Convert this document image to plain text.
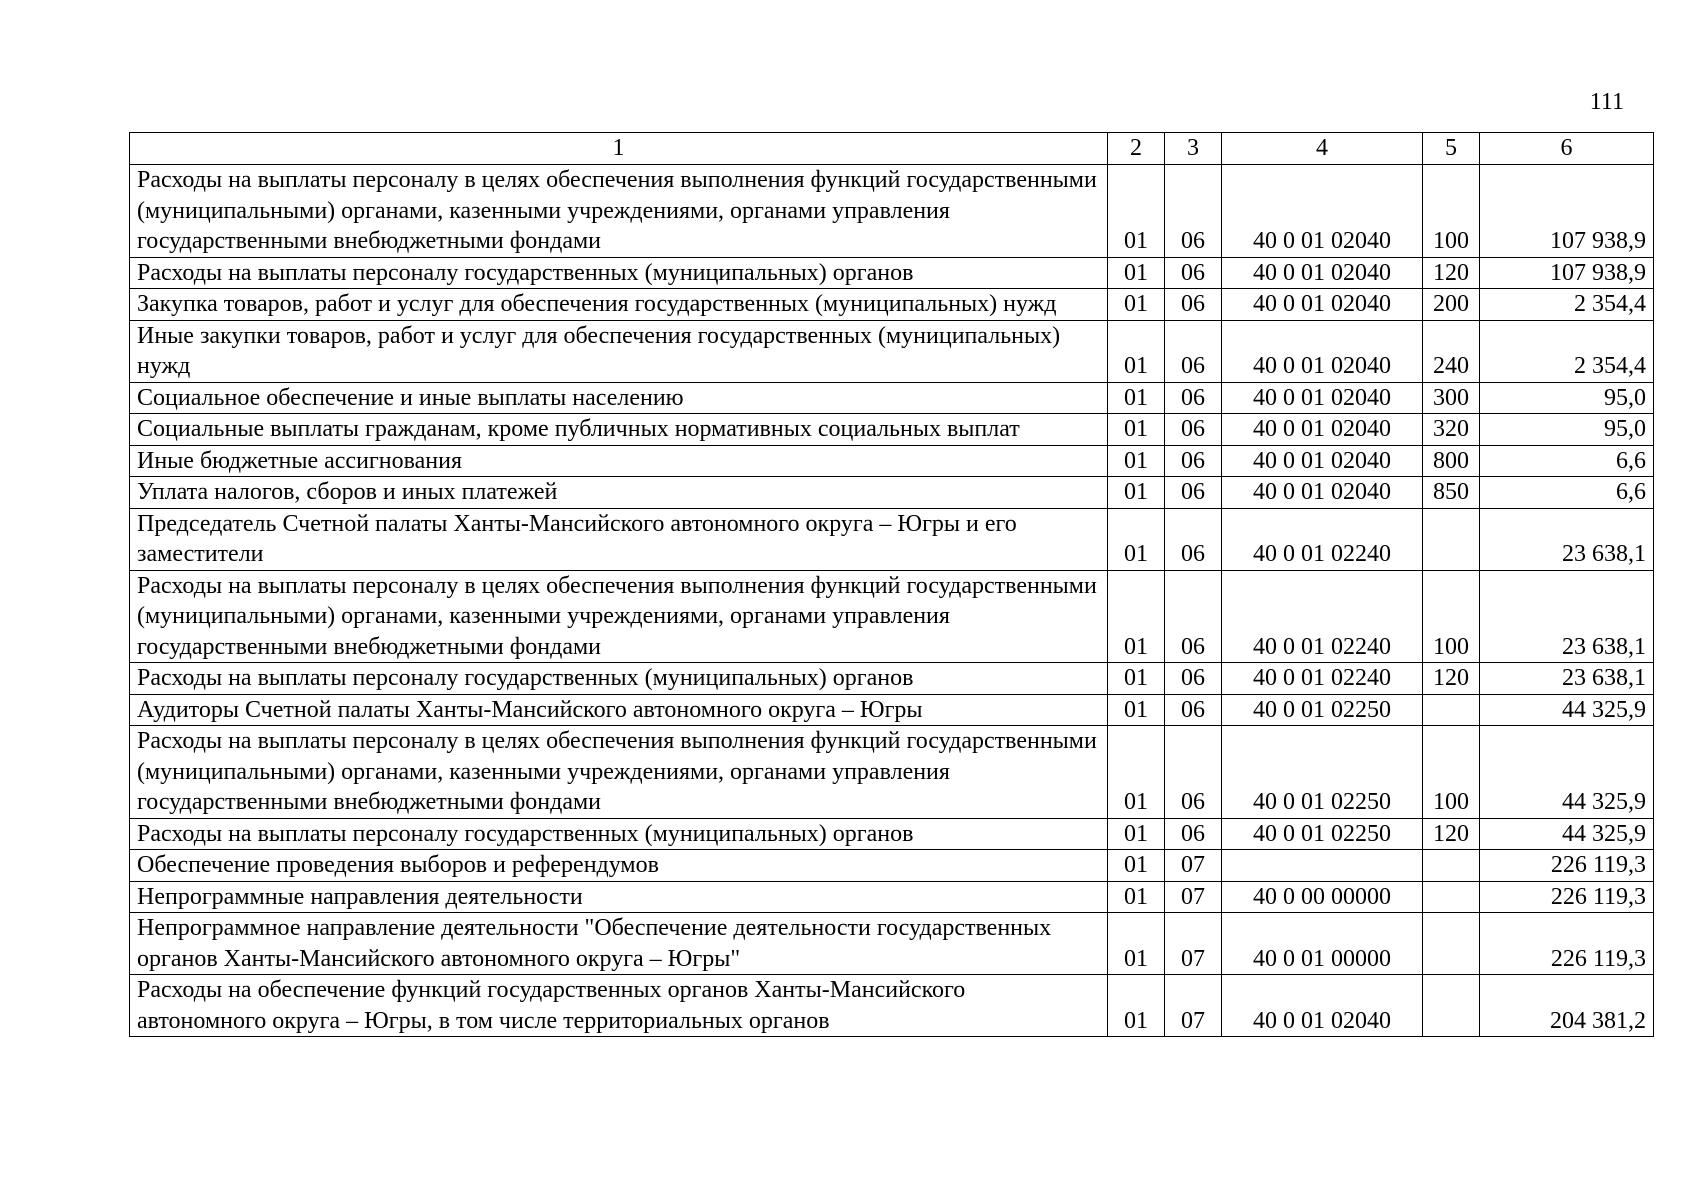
111
1	2	3	4	5	6
Расходы на выплаты персоналу в целях обеспечения выполнения функций государственными (муниципальными) органами, казенными учреждениями, органами управления государственными внебюджетными фондами	01	06	40 0 01 02040	100	107 938,9
Расходы на выплаты персоналу государственных (муниципальных) органов	01	06	40 0 01 02040	120	107 938,9
Закупка товаров, работ и услуг для обеспечения государственных (муниципальных) нужд	01	06	40 0 01 02040	200	2 354,4
Иные закупки товаров, работ и услуг для обеспечения государственных (муниципальных) нужд	01	06	40 0 01 02040	240	2 354,4
Социальное обеспечение и иные выплаты населению	01	06	40 0 01 02040	300	95,0
Социальные выплаты гражданам, кроме публичных нормативных социальных выплат	01	06	40 0 01 02040	320	95,0
Иные бюджетные ассигнования	01	06	40 0 01 02040	800	6,6
Уплата налогов, сборов и иных платежей	01	06	40 0 01 02040	850	6,6
Председатель Счетной палаты Ханты-Мансийского автономного округа – Югры и его заместители	01	06	40 0 01 02240		23 638,1
Расходы на выплаты персоналу в целях обеспечения выполнения функций государственными (муниципальными) органами, казенными учреждениями, органами управления государственными внебюджетными фондами	01	06	40 0 01 02240	100	23 638,1
Расходы на выплаты персоналу государственных (муниципальных) органов	01	06	40 0 01 02240	120	23 638,1
Аудиторы Счетной палаты Ханты-Мансийского автономного округа – Югры	01	06	40 0 01 02250		44 325,9
Расходы на выплаты персоналу в целях обеспечения выполнения функций государственными (муниципальными) органами, казенными учреждениями, органами управления государственными внебюджетными фондами	01	06	40 0 01 02250	100	44 325,9
Расходы на выплаты персоналу государственных (муниципальных) органов	01	06	40 0 01 02250	120	44 325,9
Обеспечение проведения выборов и референдумов	01	07			226 119,3
Непрограммные направления деятельности	01	07	40 0 00 00000		226 119,3
Непрограммное направление деятельности "Обеспечение деятельности государственных органов Ханты-Мансийского автономного округа – Югры"	01	07	40 0 01 00000		226 119,3
Расходы на обеспечение функций государственных органов Ханты-Мансийского автономного округа – Югры, в том числе территориальных органов	01	07	40 0 01 02040		204 381,2
